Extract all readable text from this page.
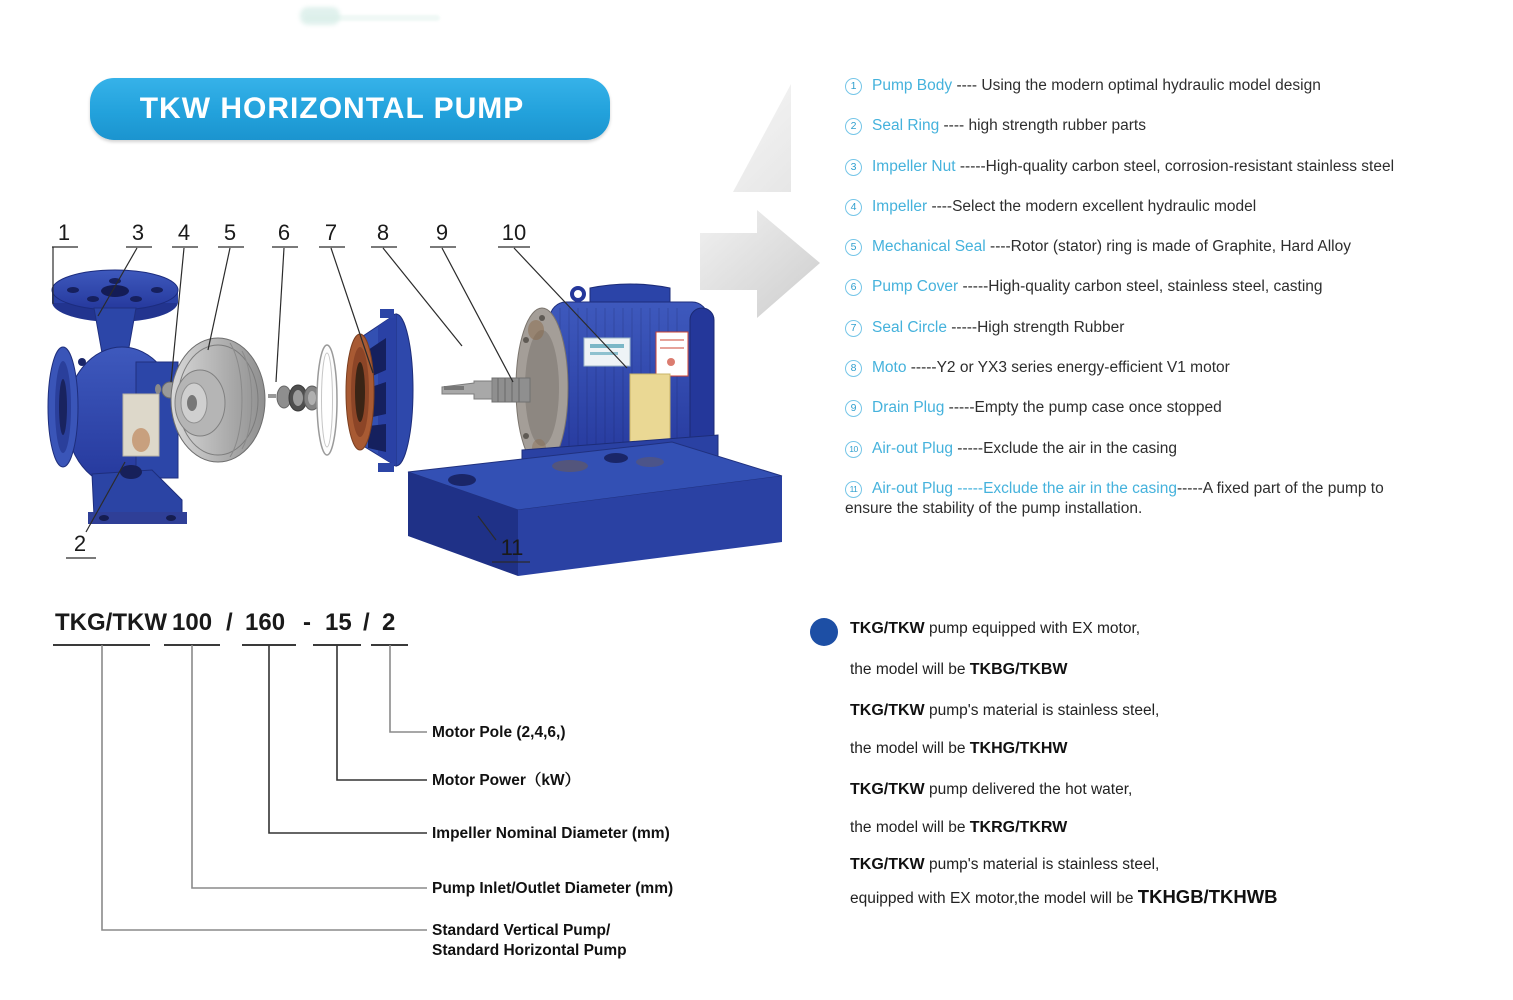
TKW HORIZONTAL PUMP
1	3 4 5 6 7 8 9 10
2	11
1 Pump Body ---- Using the modern optimal hydraulic model design
2 Seal Ring ---- high strength rubber parts
3 Impeller Nut -----High-quality carbon steel, corrosion-resistant stainless steel
4 Impeller ----Select the modern excellent hydraulic model
5 Mechanical Seal ----Rotor (stator) ring is made of Graphite, Hard Alloy
6 Pump Cover -----High-quality carbon steel, stainless steel, casting
7 Seal Circle -----High strength Rubber
8 Moto -----Y2 or YX3 series energy-efficient V1 motor
9 Drain Plug -----Empty the pump case once stopped
10 Air-out Plug -----Exclude the air in the casing
11 Air-out Plug -----Exclude the air in the casing-----A fixed part of the pump to
ensure the stability of the pump installation.
TKG/TKW 100 / 160 - 15 / 2
Motor Pole (2,4,6,)
Motor Power（kW）
Impeller Nominal Diameter (mm)
Pump Inlet/Outlet Diameter (mm)
Standard Vertical Pump/
Standard Horizontal Pump
TKG/TKW pump equipped with EX motor,
the model will be TKBG/TKBW
TKG/TKW pump's material is stainless steel,
the model will be TKHG/TKHW
TKG/TKW pump delivered the hot water,
the model will be TKRG/TKRW
TKG/TKW pump's material is stainless steel,
equipped with EX motor,the model will be TKHGB/TKHWB
